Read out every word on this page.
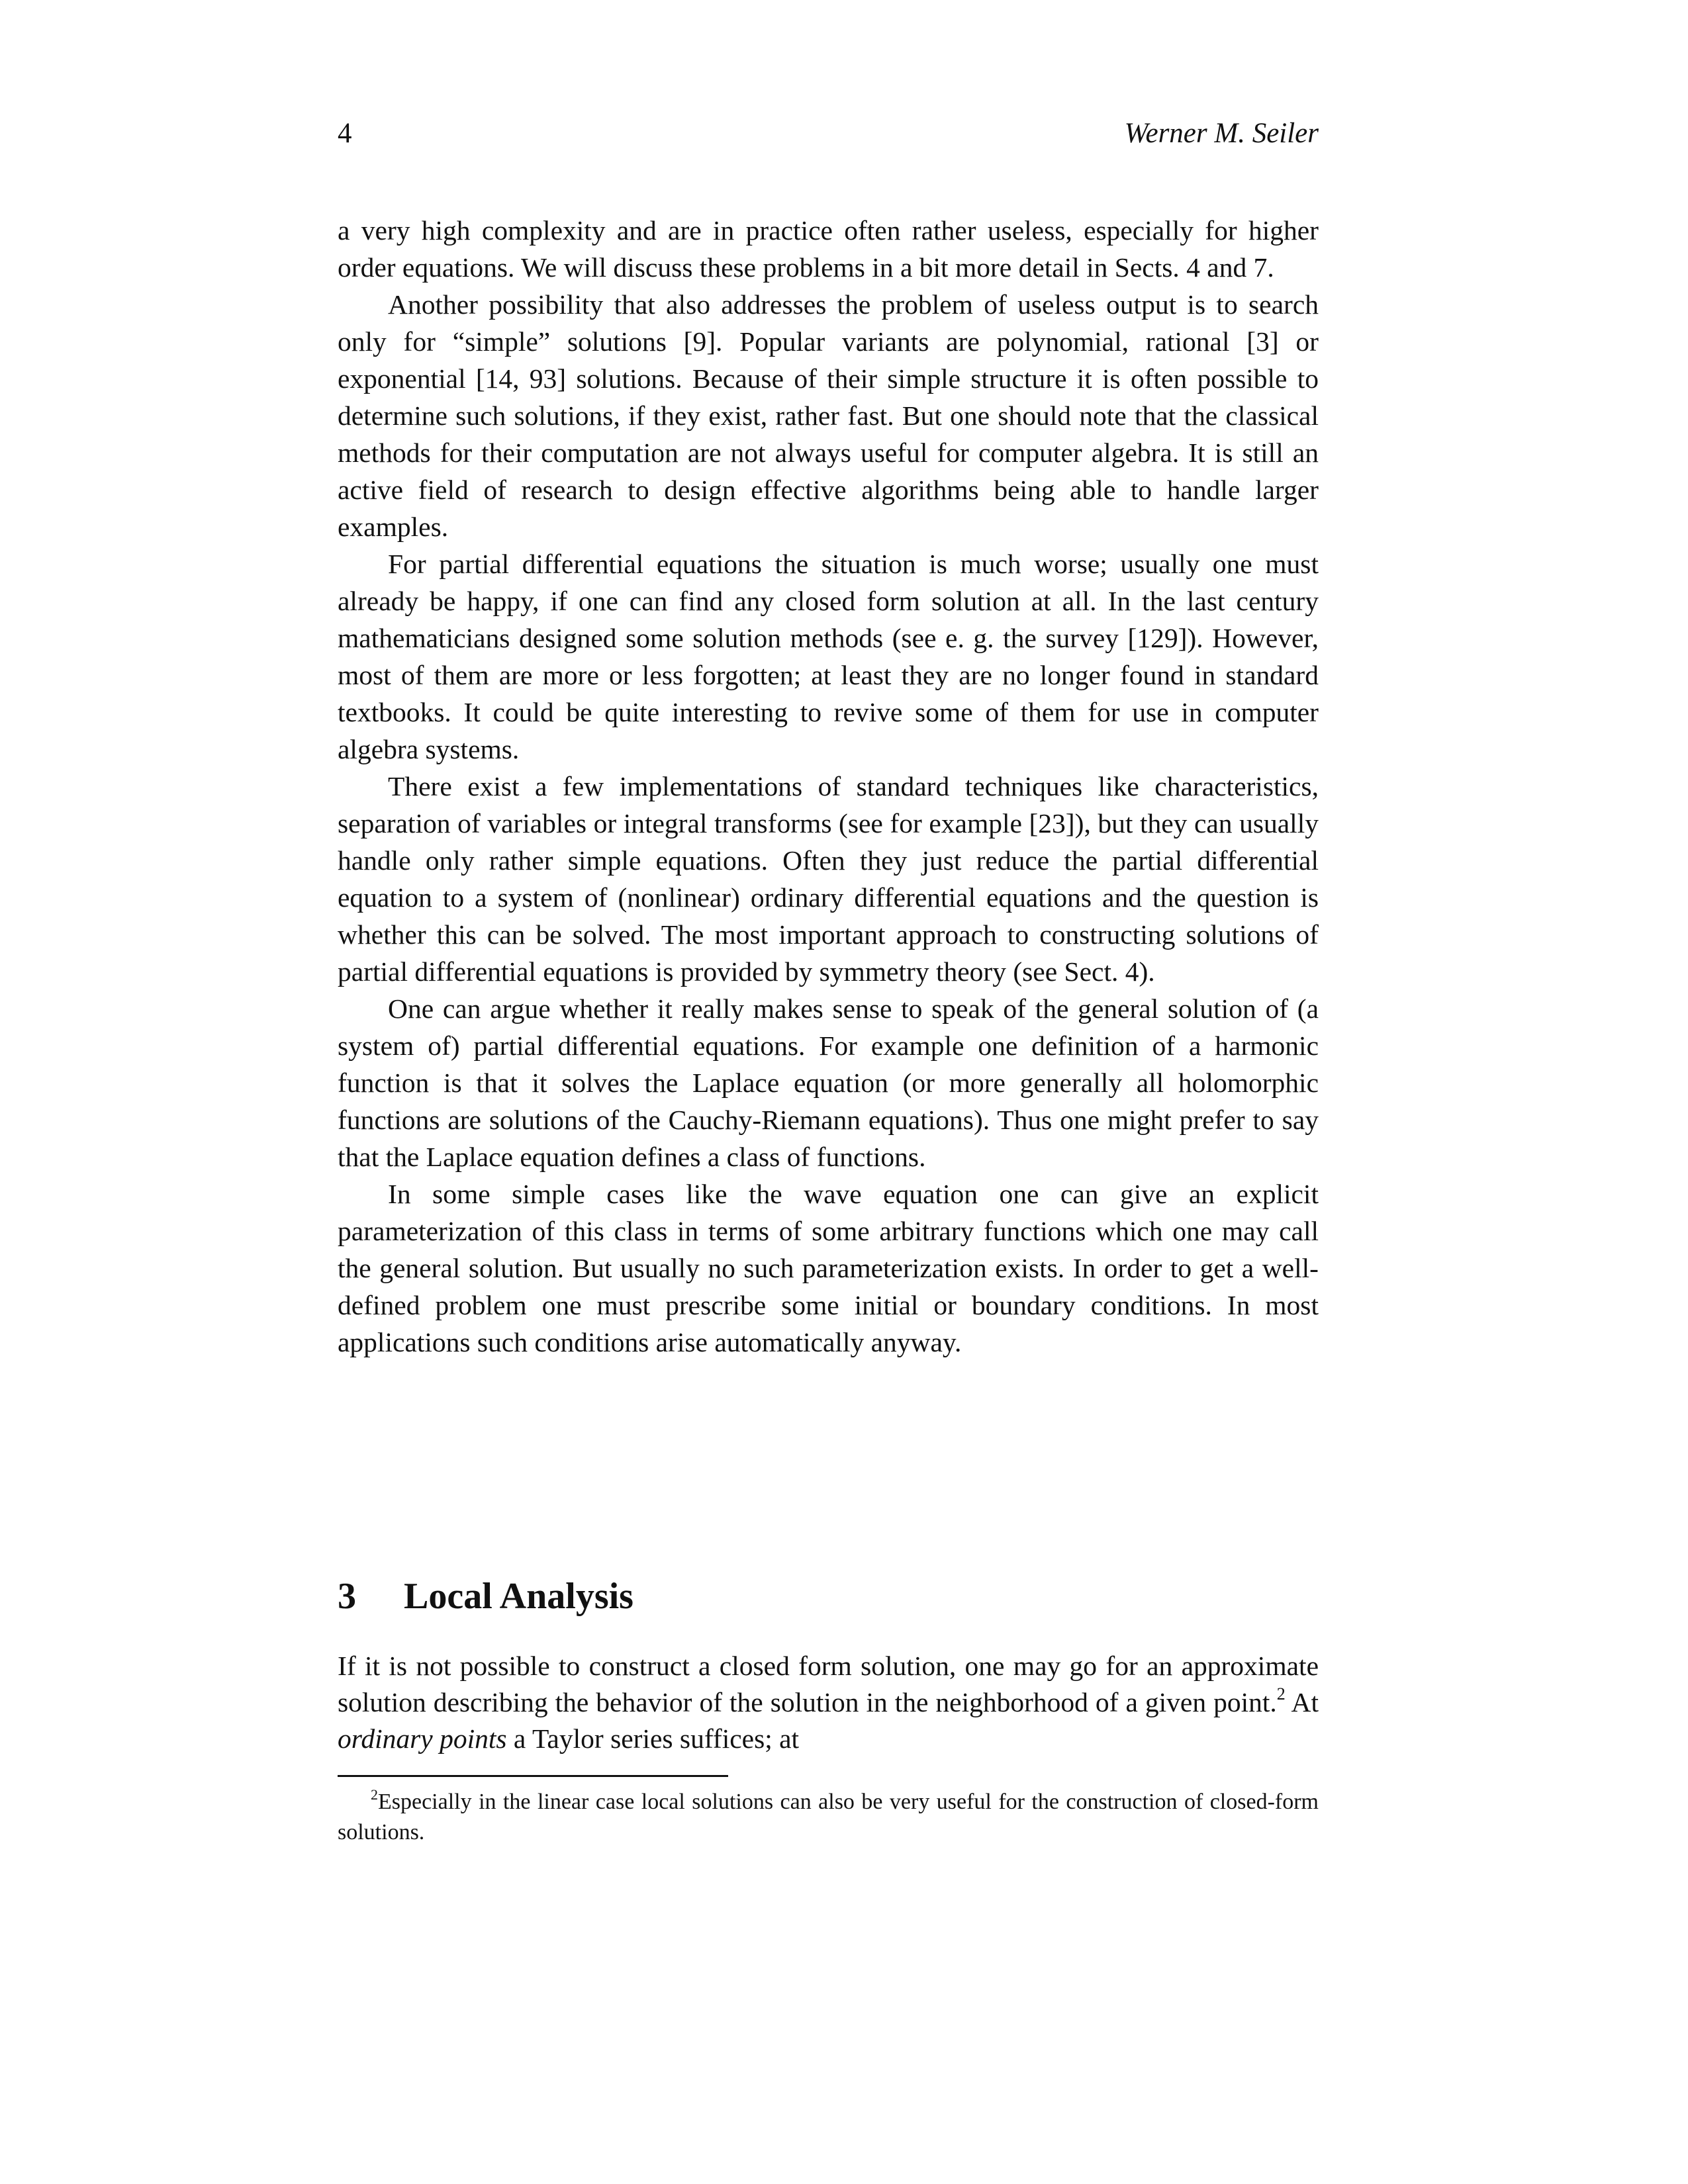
4	Werner M. Seiler

a very high complexity and are in practice often rather useless, especially for higher order equations. We will discuss these problems in a bit more detail in Sects. 4 and 7.

Another possibility that also addresses the problem of useless output is to search only for “simple” solutions [9]. Popular variants are polynomial, rational [3] or exponential [14, 93] solutions. Because of their simple structure it is often possible to determine such solutions, if they exist, rather fast. But one should note that the classical methods for their computation are not always useful for computer algebra. It is still an active field of research to design effective algorithms being able to handle larger examples.

For partial differential equations the situation is much worse; usually one must already be happy, if one can find any closed form solution at all. In the last century mathematicians designed some solution methods (see e. g. the survey [129]). However, most of them are more or less forgotten; at least they are no longer found in standard textbooks. It could be quite interesting to revive some of them for use in computer algebra systems.

There exist a few implementations of standard techniques like characteristics, separation of variables or integral transforms (see for example [23]), but they can usually handle only rather simple equations. Often they just reduce the partial differential equation to a system of (nonlinear) ordinary differential equations and the question is whether this can be solved. The most important approach to constructing solutions of partial differential equations is provided by symmetry theory (see Sect. 4).

One can argue whether it really makes sense to speak of the general solution of (a system of) partial differential equations. For example one definition of a harmonic function is that it solves the Laplace equation (or more generally all holomorphic functions are solutions of the Cauchy-Riemann equations). Thus one might prefer to say that the Laplace equation defines a class of functions.

In some simple cases like the wave equation one can give an explicit parameterization of this class in terms of some arbitrary functions which one may call the general solution. But usually no such parameterization exists. In order to get a well-defined problem one must prescribe some initial or boundary conditions. In most applications such conditions arise automatically anyway.

3 Local Analysis

If it is not possible to construct a closed form solution, one may go for an approximate solution describing the behavior of the solution in the neighborhood of a given point.$^2$ At ordinary points a Taylor series suffices; at

$^2$Especially in the linear case local solutions can also be very useful for the construction of closed-form solutions.
